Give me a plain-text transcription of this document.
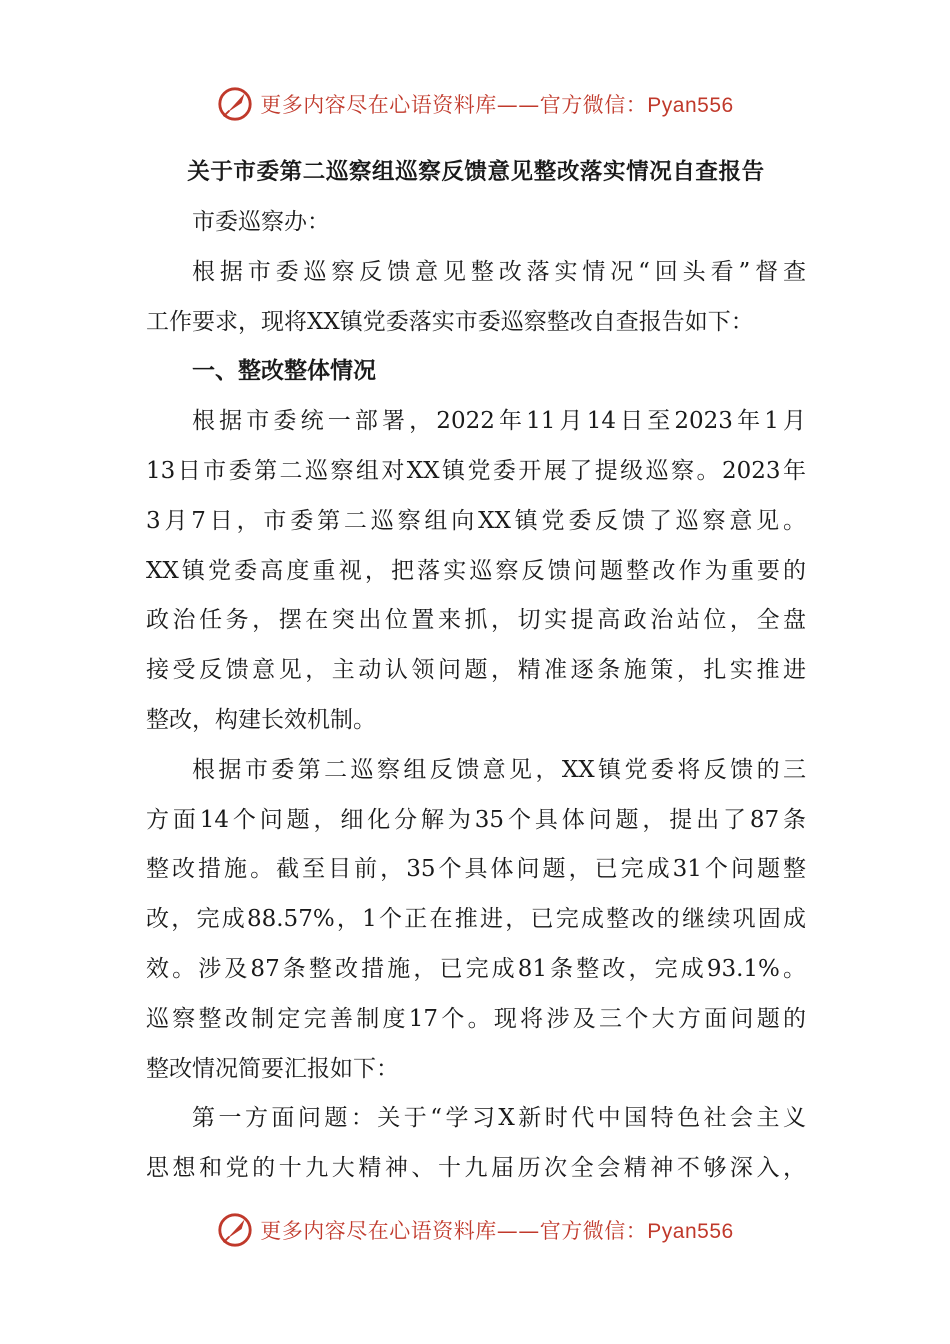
更多内容尽在心语资料库——官方微信：Pyan556
关于市委第二巡察组巡察反馈意见整改落实情况自查报告
市委巡察办：
根据市委巡察反馈意见整改落实情况“回头看”督查
工作要求，现将XX镇党委落实市委巡察整改自查报告如下：
一、整改整体情况
根据市委统一部署，2022年11月14日至2023年1月
13日市委第二巡察组对XX镇党委开展了提级巡察。2023年
3月7日，市委第二巡察组向XX镇党委反馈了巡察意见。
XX镇党委高度重视，把落实巡察反馈问题整改作为重要的
政治任务，摆在突出位置来抓，切实提高政治站位，全盘
接受反馈意见，主动认领问题，精准逐条施策，扎实推进
整改，构建长效机制。
根据市委第二巡察组反馈意见，XX镇党委将反馈的三
方面14个问题，细化分解为35个具体问题，提出了87条
整改措施。截至目前，35个具体问题，已完成31个问题整
改，完成88.57%，1个正在推进，已完成整改的继续巩固成
效。涉及87条整改措施，已完成81条整改，完成93.1%。
巡察整改制定完善制度17个。现将涉及三个大方面问题的
整改情况简要汇报如下：
第一方面问题：关于“学习X新时代中国特色社会主义
思想和党的十九大精神、十九届历次全会精神不够深入，
更多内容尽在心语资料库——官方微信：Pyan556
